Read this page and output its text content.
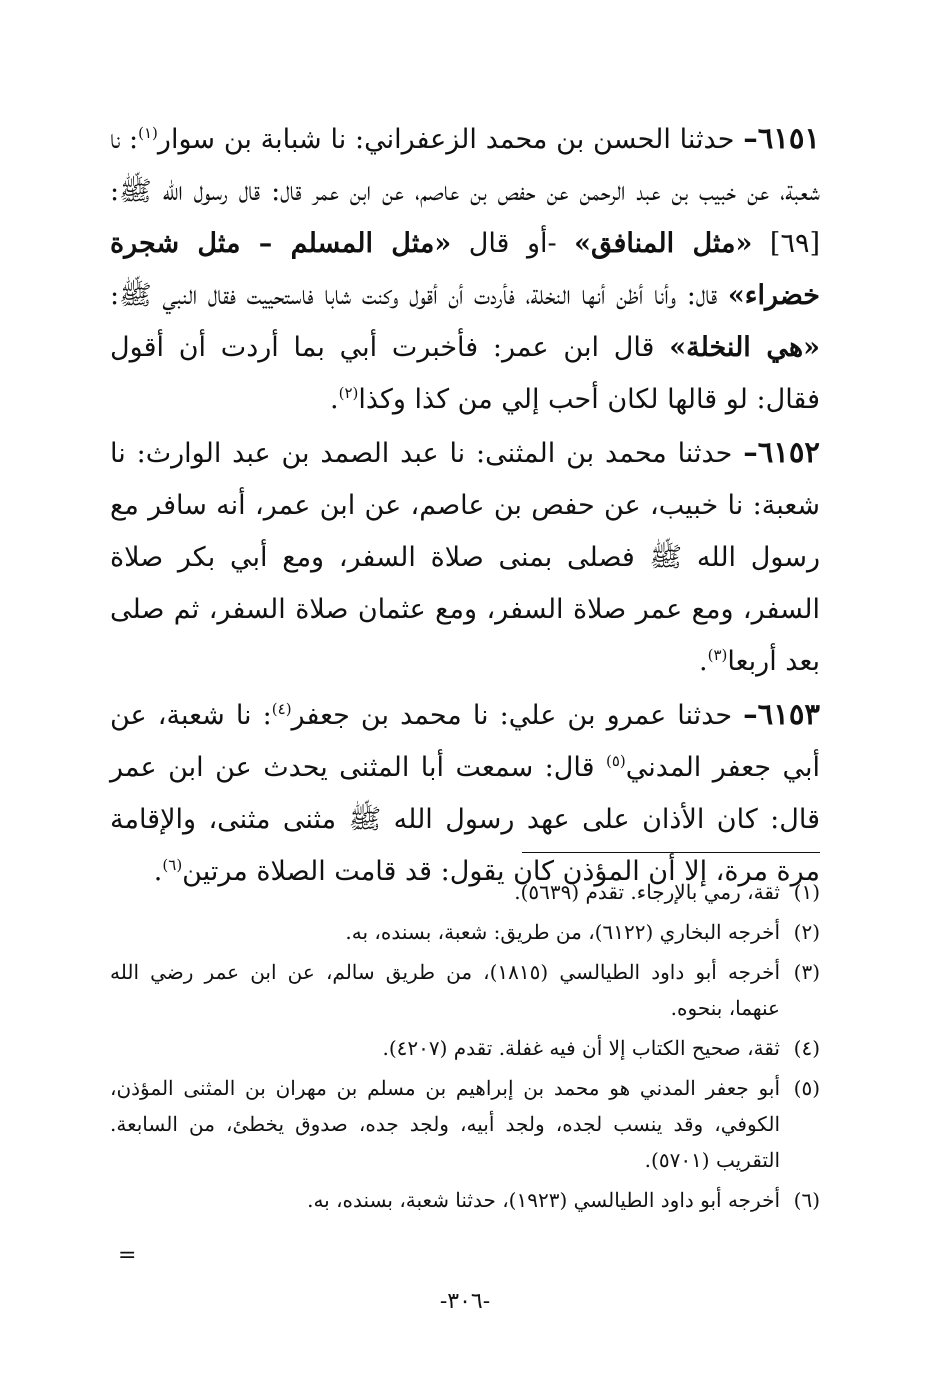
٦١٥١– حدثنا الحسن بن محمد الزعفراني: نا شبابة بن سوار$^{(١)}$: نا شعبة، عن خبيب بن عبد الرحمن عن حفص بن عاصم، عن ابن عمر قال: قال رسول الله ﷺ: [٦٩] «مثل المنافق» -أو قال «مثل المسلم – مثل شجرة خضراء» قال: وأنا أظن أنها النخلة، فأردت أن أقول وكنت شابا فاستحييت فقال النبي ﷺ: «هي النخلة» قال ابن عمر: فأخبرت أبي بما أردت أن أقول فقال: لو قالها لكان أحب إلي من كذا وكذا$^{(٢)}$.

٦١٥٢– حدثنا محمد بن المثنى: نا عبد الصمد بن عبد الوارث: نا شعبة: نا خبيب، عن حفص بن عاصم، عن ابن عمر، أنه سافر مع رسول الله ﷺ فصلى بمنى صلاة السفر، ومع أبي بكر صلاة السفر، ومع عمر صلاة السفر، ومع عثمان صلاة السفر، ثم صلى بعد أربعا$^{(٣)}$.

٦١٥٣– حدثنا عمرو بن علي: نا محمد بن جعفر$^{(٤)}$: نا شعبة، عن أبي جعفر المدني$^{(٥)}$ قال: سمعت أبا المثنى يحدث عن ابن عمر قال: كان الأذان على عهد رسول الله ﷺ مثنى مثنى، والإقامة مرة مرة، إلا أن المؤذن كان يقول: قد قامت الصلاة مرتين$^{(٦)}$.

(١)
ثقة، رمي بالإرجاء. تقدم (٥٦٣٩).

(٢)
أخرجه البخاري (٦١٢٢)، من طريق: شعبة، بسنده، به.

(٣)
أخرجه أبو داود الطيالسي (١٨١٥)، من طريق سالم، عن ابن عمر رضي الله عنهما، بنحوه.

(٤)
ثقة، صحيح الكتاب إلا أن فيه غفلة. تقدم (٤٢٠٧).

(٥)
أبو جعفر المدني هو محمد بن إبراهيم بن مسلم بن مهران بن المثنى المؤذن، الكوفي، وقد ينسب لجده، ولجد أبيه، ولجد جده، صدوق يخطئ، من السابعة. التقريب (٥٧٠١).

(٦)
أخرجه أبو داود الطيالسي (١٩٢٣)، حدثنا شعبة، بسنده، به.

=
-٣٠٦-
